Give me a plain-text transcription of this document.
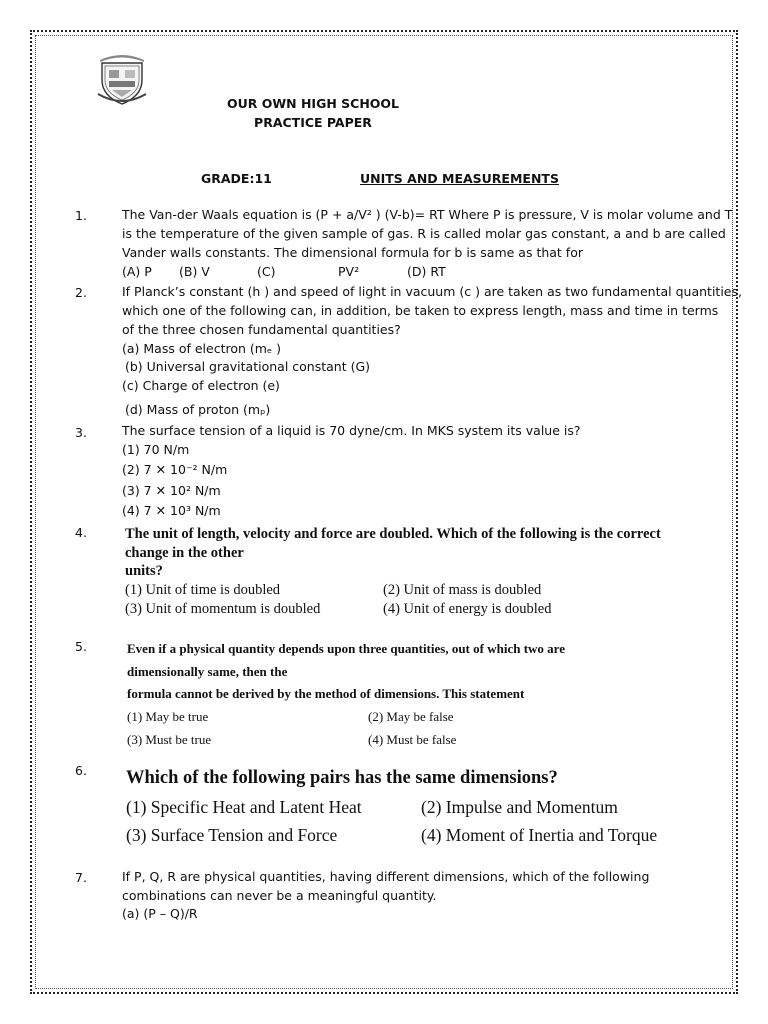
OUR OWN HIGH SCHOOL
PRACTICE PAPER
GRADE:11	UNITS AND MEASUREMENTS
1.	The Van-der Waals equation is (P + a/V² ) (V-b)= RT Where P is pressure, V is molar volume and T
is the temperature of the given sample of gas. R is called molar gas constant, a and b are called
Vander walls constants. The dimensional formula for b is same as that for
(A) P (B) V	(C)	PV²	(D) RT
2.	If Planck’s constant (h ) and speed of light in vacuum (c ) are taken as two fundamental quantities,
which one of the following can, in addition, be taken to express length, mass and time in terms
of the three chosen fundamental quantities?
(a) Mass of electron (mₑ )
(b) Universal gravitational constant (G)
(c) Charge of electron (e)
(d) Mass of proton (mₚ)
3.	The surface tension of a liquid is 70 dyne/cm. In MKS system its value is?
(1) 70 N/m
(2) 7 ✕ 10⁻² N/m
(3) 7 ✕ 10² N/m
(4) 7 ✕ 10³ N/m
4.	The unit of length, velocity and force are doubled. Which of the following is the correct
change in the other
units?
(1) Unit of time is doubled	(2) Unit of mass is doubled
(3) Unit of momentum is doubled	(4) Unit of energy is doubled
5.	Even if a physical quantity depends upon three quantities, out of which two are
dimensionally same, then the
formula cannot be derived by the method of dimensions. This statement
(1) May be true	(2) May be false
(3) Must be true	(4) Must be false
6. Which of the following pairs has the same dimensions?
(1) Specific Heat and Latent Heat	(2) Impulse and Momentum
(3) Surface Tension and Force	(4) Moment of Inertia and Torque
7.	If P, Q, R are physical quantities, having different dimensions, which of the following
combinations can never be a meaningful quantity.
(a) (P – Q)/R
